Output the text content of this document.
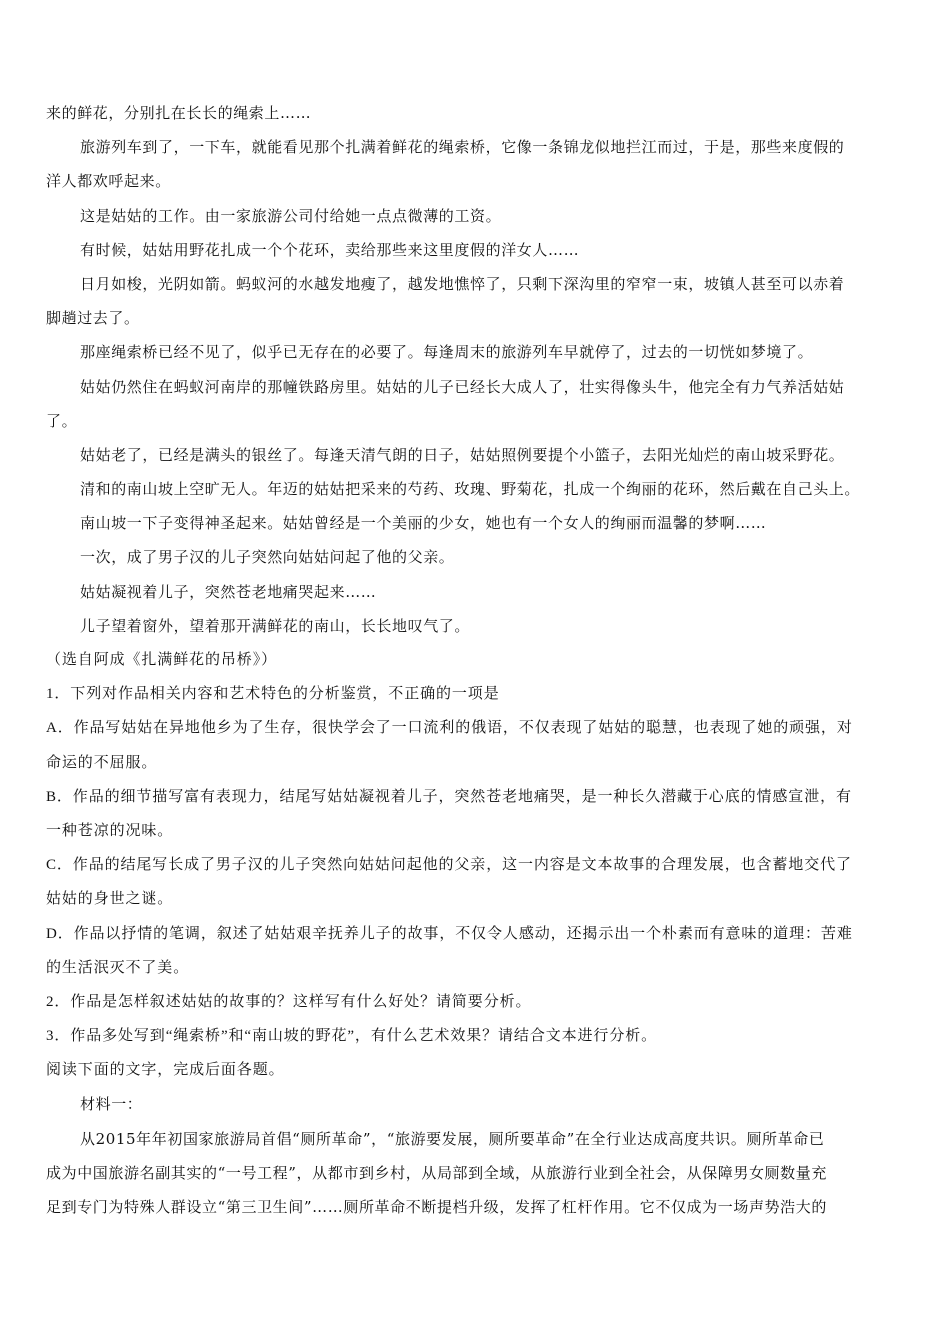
来的鲜花，分别扎在长长的绳索上……
旅游列车到了，一下车，就能看见那个扎满着鲜花的绳索桥，它像一条锦龙似地拦江而过，于是，那些来度假的
洋人都欢呼起来。
这是姑姑的工作。由一家旅游公司付给她一点点微薄的工资。
有时候，姑姑用野花扎成一个个花环，卖给那些来这里度假的洋女人……
日月如梭，光阴如箭。蚂蚁河的水越发地瘦了，越发地憔悴了，只剩下深沟里的窄窄一束，坡镇人甚至可以赤着
脚趟过去了。
那座绳索桥已经不见了，似乎已无存在的必要了。每逢周末的旅游列车早就停了，过去的一切恍如梦境了。
姑姑仍然住在蚂蚁河南岸的那幢铁路房里。姑姑的儿子已经长大成人了，壮实得像头牛，他完全有力气养活姑姑
了。
姑姑老了，已经是满头的银丝了。每逢天清气朗的日子，姑姑照例要提个小篮子，去阳光灿烂的南山坡采野花。
清和的南山坡上空旷无人。年迈的姑姑把采来的芍药、玫瑰、野菊花，扎成一个绚丽的花环，然后戴在自己头上。
南山坡一下子变得神圣起来。姑姑曾经是一个美丽的少女，她也有一个女人的绚丽而温馨的梦啊……
一次，成了男子汉的儿子突然向姑姑问起了他的父亲。
姑姑凝视着儿子，突然苍老地痛哭起来……
儿子望着窗外，望着那开满鲜花的南山，长长地叹气了。
（选自阿成《扎满鲜花的吊桥》）
1．下列对作品相关内容和艺术特色的分析鉴赏，不正确的一项是
A．作品写姑姑在异地他乡为了生存，很快学会了一口流利的俄语，不仅表现了姑姑的聪慧，也表现了她的顽强，对
命运的不屈服。
B．作品的细节描写富有表现力，结尾写姑姑凝视着儿子，突然苍老地痛哭，是一种长久潜藏于心底的情感宣泄，有
一种苍凉的况味。
C．作品的结尾写长成了男子汉的儿子突然向姑姑问起他的父亲，这一内容是文本故事的合理发展，也含蓄地交代了
姑姑的身世之谜。
D．作品以抒情的笔调，叙述了姑姑艰辛抚养儿子的故事，不仅令人感动，还揭示出一个朴素而有意味的道理：苦难
的生活泯灭不了美。
2．作品是怎样叙述姑姑的故事的？这样写有什么好处？请简要分析。
3．作品多处写到“绳索桥”和“南山坡的野花”，有什么艺术效果？请结合文本进行分析。
阅读下面的文字，完成后面各题。
材料一：
从2015年年初国家旅游局首倡“厕所革命”，“旅游要发展，厕所要革命”在全行业达成高度共识。厕所革命已
成为中国旅游名副其实的“一号工程”，从都市到乡村，从局部到全域，从旅游行业到全社会，从保障男女厕数量充
足到专门为特殊人群设立“第三卫生间”……厕所革命不断提档升级，发挥了杠杆作用。它不仅成为一场声势浩大的
